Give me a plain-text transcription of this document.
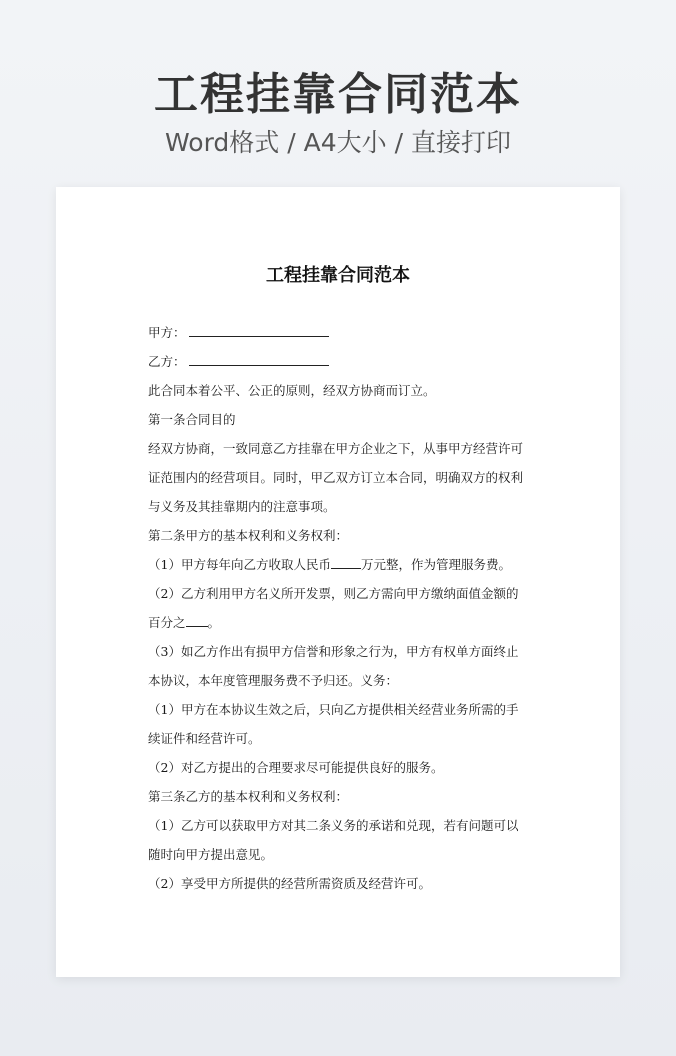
工程挂靠合同范本
Word格式 / A4大小 / 直接打印
工程挂靠合同范本
甲方：
乙方：
此合同本着公平、公正的原则，经双方协商而订立。
第一条合同目的
经双方协商，一致同意乙方挂靠在甲方企业之下，从事甲方经营许可
证范围内的经营项目。同时，甲乙双方订立本合同，明确双方的权利
与义务及其挂靠期内的注意事项。
第二条甲方的基本权利和义务权利：
（1）甲方每年向乙方收取人民币 万元整，作为管理服务费。
（2）乙方利用甲方名义所开发票，则乙方需向甲方缴纳面值金额的
百分之 。
（3）如乙方作出有损甲方信誉和形象之行为，甲方有权单方面终止
本协议，本年度管理服务费不予归还。义务：
（1）甲方在本协议生效之后，只向乙方提供相关经营业务所需的手
续证件和经营许可。
（2）对乙方提出的合理要求尽可能提供良好的服务。
第三条乙方的基本权利和义务权利：
（1）乙方可以获取甲方对其二条义务的承诺和兑现，若有问题可以
随时向甲方提出意见。
（2）享受甲方所提供的经营所需资质及经营许可。
